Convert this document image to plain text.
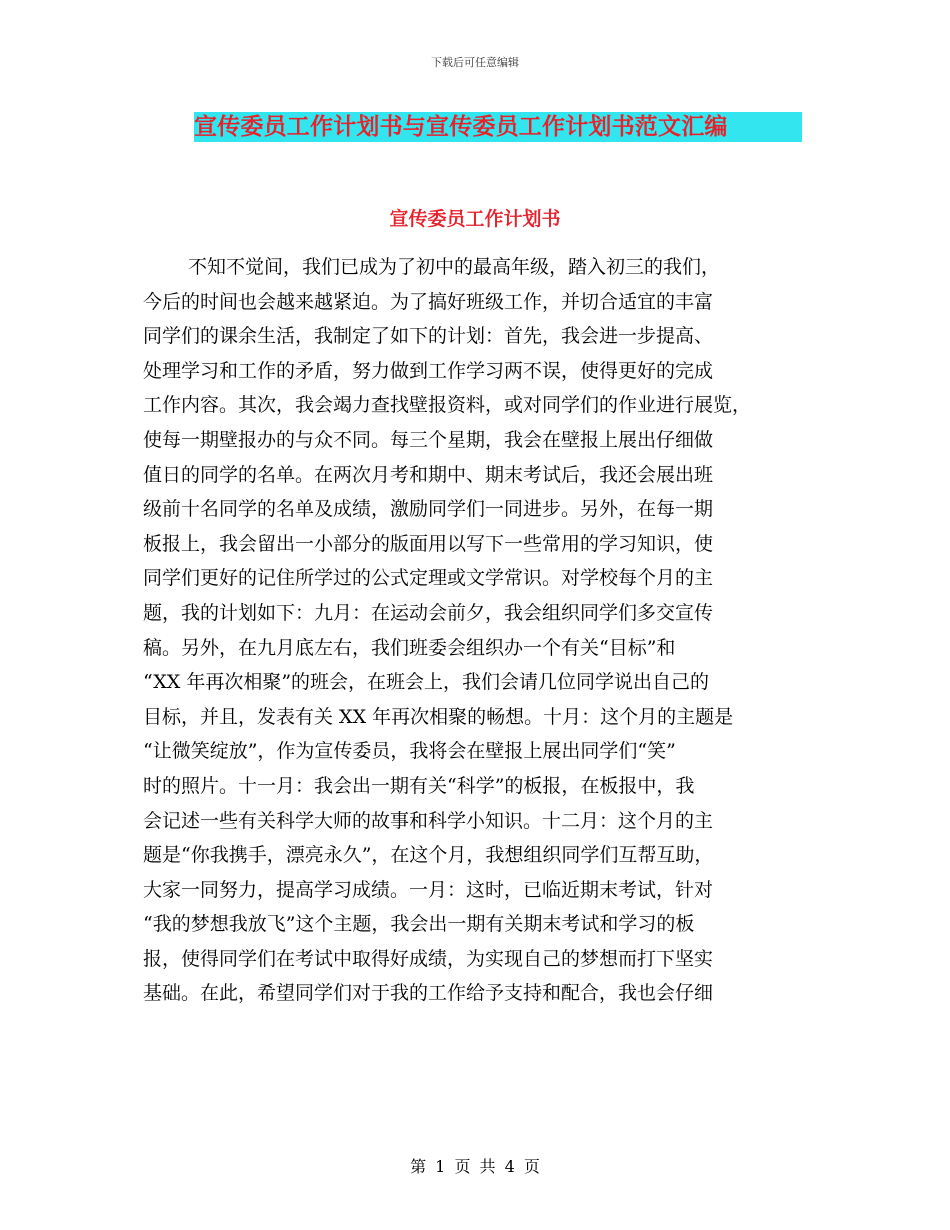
下载后可任意编辑
宣传委员工作计划书与宣传委员工作计划书范文汇编
宣传委员工作计划书
不知不觉间，我们已成为了初中的最高年级，踏入初三的我们，
今后的时间也会越来越紧迫。为了搞好班级工作，并切合适宜的丰富
同学们的课余生活，我制定了如下的计划：首先，我会进一步提高、
处理学习和工作的矛盾，努力做到工作学习两不误，使得更好的完成
工作内容。其次，我会竭力查找壁报资料，或对同学们的作业进行展览，
使每一期壁报办的与众不同。每三个星期，我会在壁报上展出仔细做
值日的同学的名单。在两次月考和期中、期末考试后，我还会展出班
级前十名同学的名单及成绩，激励同学们一同进步。另外，在每一期
板报上，我会留出一小部分的版面用以写下一些常用的学习知识，使
同学们更好的记住所学过的公式定理或文学常识。对学校每个月的主
题，我的计划如下：九月：在运动会前夕，我会组织同学们多交宣传
稿。另外，在九月底左右，我们班委会组织办一个有关“目标”和
“XX 年再次相聚”的班会，在班会上，我们会请几位同学说出自己的
目标，并且，发表有关 XX 年再次相聚的畅想。十月：这个月的主题是
“让微笑绽放”，作为宣传委员，我将会在壁报上展出同学们“笑”
时的照片。十一月：我会出一期有关“科学”的板报，在板报中，我
会记述一些有关科学大师的故事和科学小知识。十二月：这个月的主
题是“你我携手，漂亮永久”，在这个月，我想组织同学们互帮互助，
大家一同努力，提高学习成绩。一月：这时，已临近期末考试，针对
“我的梦想我放飞”这个主题，我会出一期有关期末考试和学习的板
报，使得同学们在考试中取得好成绩，为实现自己的梦想而打下坚实
基础。在此，希望同学们对于我的工作给予支持和配合，我也会仔细
第 1 页 共 4 页
